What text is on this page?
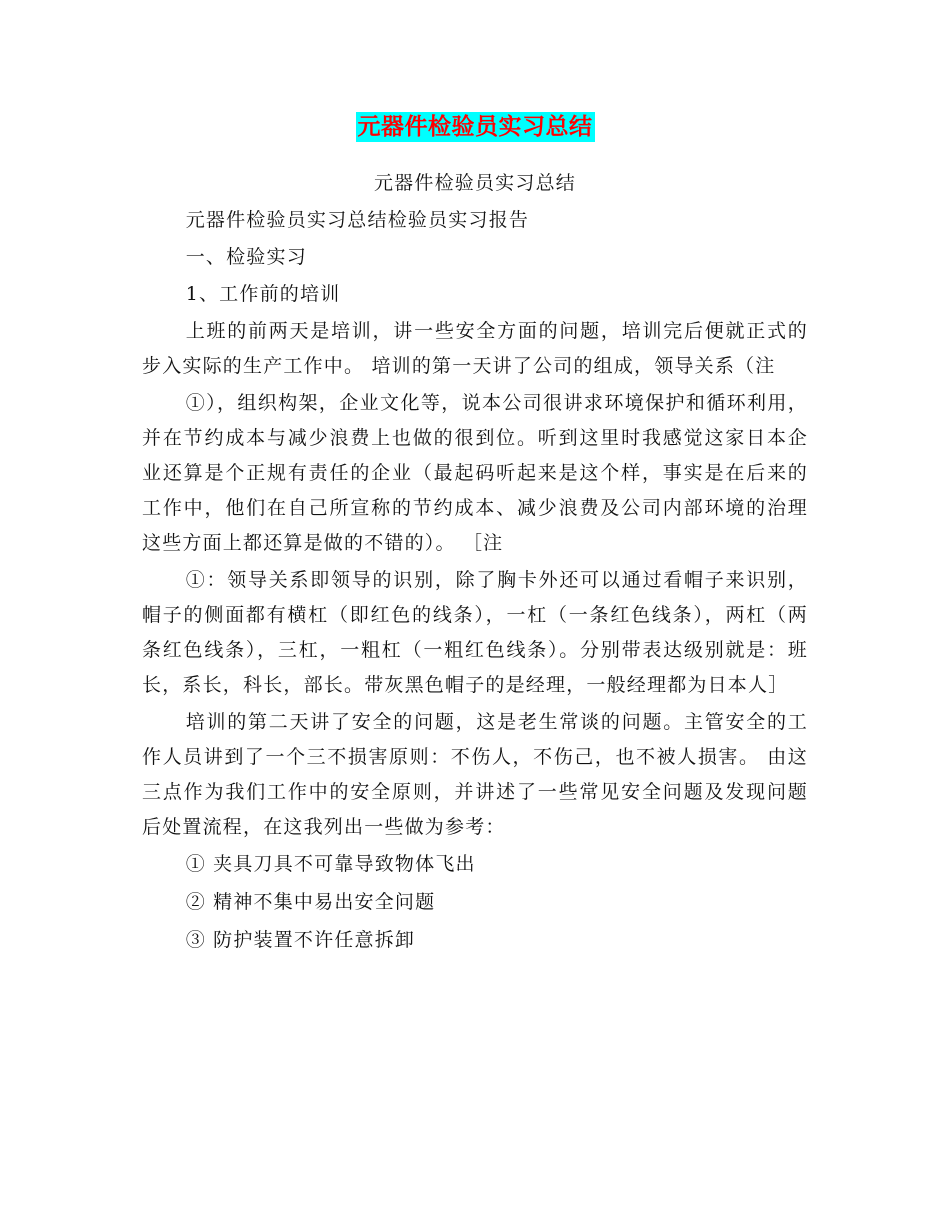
元器件检验员实习总结

元器件检验员实习总结

元器件检验员实习总结检验员实习报告

一、检验实习

1、工作前的培训

上班的前两天是培训，讲一些安全方面的问题，培训完后便就正式的步入实际的生产工作中。 培训的第一天讲了公司的组成，领导关系（注

①），组织构架，企业文化等，说本公司很讲求环境保护和循环利用，并在节约成本与减少浪费上也做的很到位。听到这里时我感觉这家日本企业还算是个正规有责任的企业（最起码听起来是这个样，事实是在后来的工作中，他们在自己所宣称的节约成本、减少浪费及公司内部环境的治理这些方面上都还算是做的不错的）。 ［注

①：领导关系即领导的识别，除了胸卡外还可以通过看帽子来识别，帽子的侧面都有横杠（即红色的线条），一杠（一条红色线条），两杠（两条红色线条），三杠，一粗杠（一粗红色线条）。分别带表达级别就是：班长，系长，科长，部长。带灰黑色帽子的是经理，一般经理都为日本人］

培训的第二天讲了安全的问题，这是老生常谈的问题。主管安全的工作人员讲到了一个三不损害原则：不伤人，不伤己，也不被人损害。 由这三点作为我们工作中的安全原则，并讲述了一些常见安全问题及发现问题后处置流程，在这我列出一些做为参考：

① 夹具刀具不可靠导致物体飞出

② 精神不集中易出安全问题

③ 防护装置不许任意拆卸
